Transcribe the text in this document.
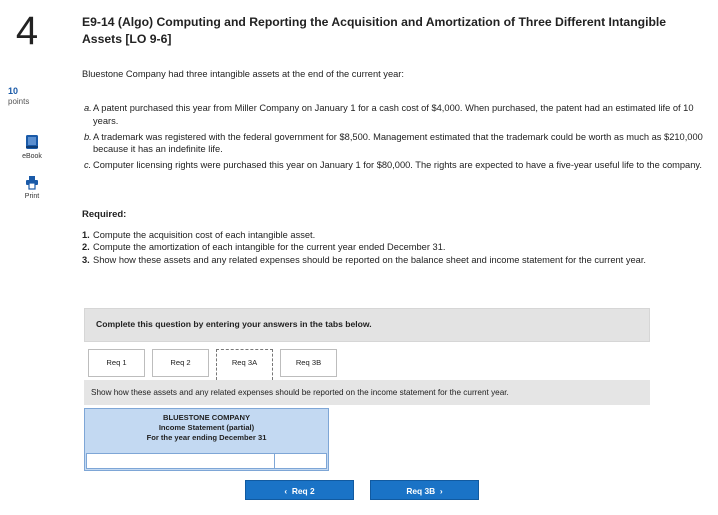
4
10
points
eBook
Print
E9-14 (Algo) Computing and Reporting the Acquisition and Amortization of Three Different Intangible Assets [LO 9-6]
Bluestone Company had three intangible assets at the end of the current year:
a. A patent purchased this year from Miller Company on January 1 for a cash cost of $4,000. When purchased, the patent had an estimated life of 10 years.
b. A trademark was registered with the federal government for $8,500. Management estimated that the trademark could be worth as much as $210,000 because it has an indefinite life.
c. Computer licensing rights were purchased this year on January 1 for $80,000. The rights are expected to have a five-year useful life to the company.
Required:
1. Compute the acquisition cost of each intangible asset.
2. Compute the amortization of each intangible for the current year ended December 31.
3. Show how these assets and any related expenses should be reported on the balance sheet and income statement for the current year.
Complete this question by entering your answers in the tabs below.
Req 1	Req 2	Req 3A	Req 3B
Show how these assets and any related expenses should be reported on the income statement for the current year.
BLUESTONE COMPANY
Income Statement (partial)
For the year ending December 31
‹ Req 2	Req 3B ›
